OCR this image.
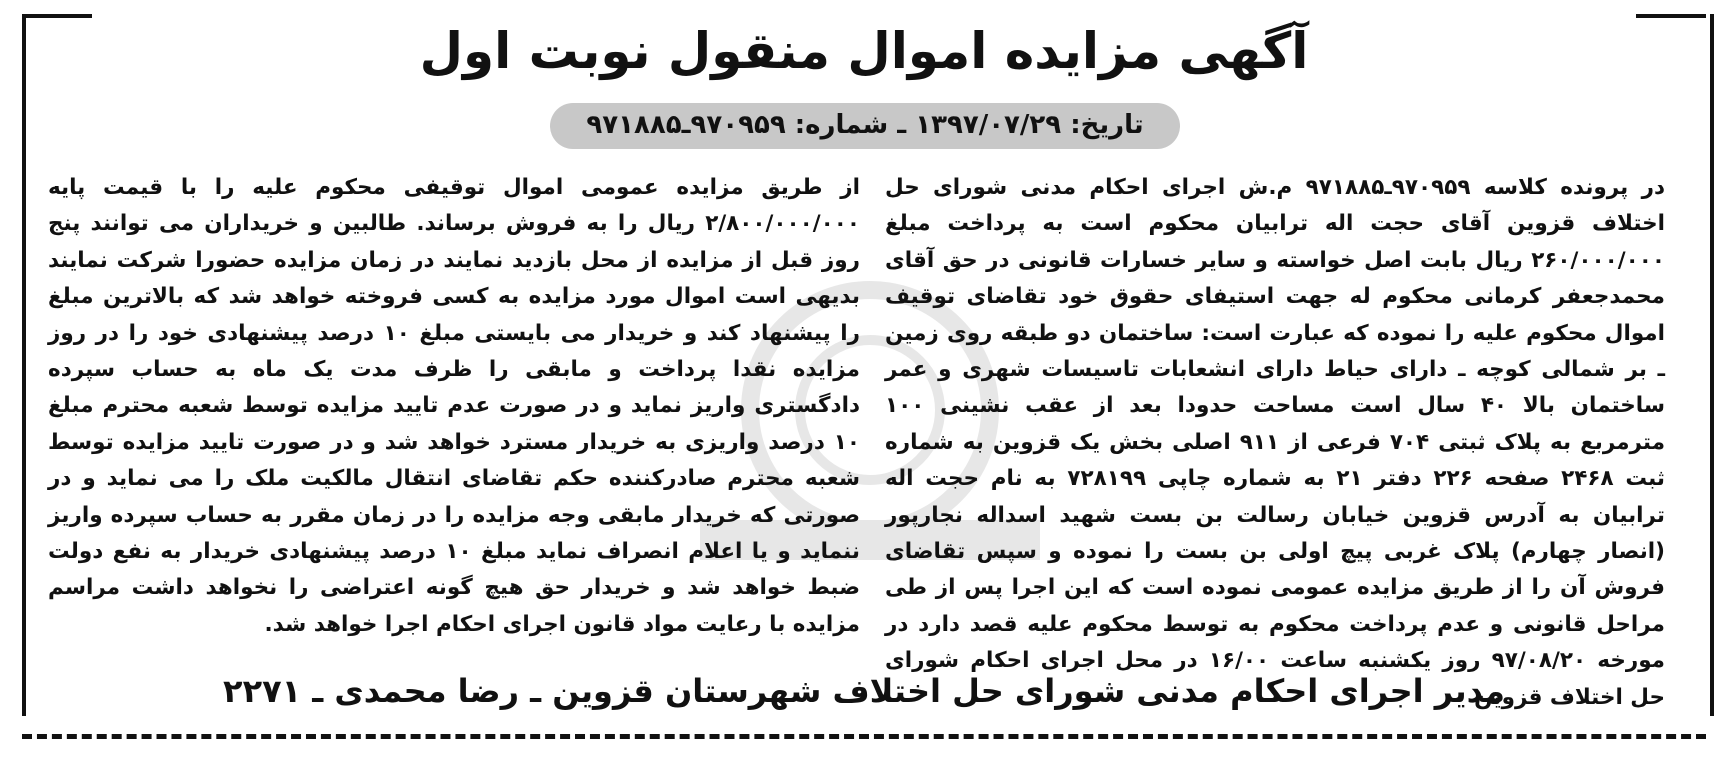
آگهی مزایده اموال منقول نوبت اول
تاریخ: ۱۳۹۷/۰۷/۲۹ ـ شماره: ۹۷۰۹۵۹ـ۹۷۱۸۸۵

در پرونده کلاسه ۹۷۰۹۵۹ـ۹۷۱۸۸۵ م.ش اجرای احکام مدنی شورای حل اختلاف قزوین آقای حجت اله ترابیان محکوم است به پرداخت مبلغ ۲۶۰/۰۰۰/۰۰۰ ریال بابت اصل خواسته و سایر خسارات قانونی در حق آقای محمدجعفر کرمانی محکوم له جهت استیفای حقوق خود تقاضای توقیف اموال محکوم علیه را نموده که عبارت است: ساختمان دو طبقه روی زمین ـ بر شمالی کوچه ـ دارای حیاط دارای انشعابات تاسیسات شهری و عمر ساختمان بالا ۴۰ سال است مساحت حدودا بعد از عقب نشینی ۱۰۰ مترمربع به پلاک ثبتی ۷۰۴ فرعی از ۹۱۱ اصلی بخش یک قزوین به شماره ثبت ۲۴۶۸ صفحه ۲۲۶ دفتر ۲۱ به شماره چاپی ۷۲۸۱۹۹ به نام حجت اله ترابیان به آدرس قزوین خیابان رسالت بن بست شهید اسداله نجارپور (انصار چهارم) پلاک غربی پیچ اولی بن بست را نموده و سپس تقاضای فروش آن را از طریق مزایده عمومی نموده است که این اجرا پس از طی مراحل قانونی و عدم پرداخت محکوم به توسط محکوم علیه قصد دارد در مورخه ۹۷/۰۸/۲۰ روز یکشنبه ساعت ۱۶/۰۰ در محل اجرای احکام شورای حل اختلاف قزوین

از طریق مزایده عمومی اموال توقیفی محکوم علیه را با قیمت پایه ۲/۸۰۰/۰۰۰/۰۰۰ ریال را به فروش برساند. طالبین و خریداران می توانند پنج روز قبل از مزایده از محل بازدید نمایند در زمان مزایده حضورا شرکت نمایند بدیهی است اموال مورد مزایده به کسی فروخته خواهد شد که بالاترین مبلغ را پیشنهاد کند و خریدار می بایستی مبلغ ۱۰ درصد پیشنهادی خود را در روز مزایده نقدا پرداخت و مابقی را ظرف مدت یک ماه به حساب سپرده دادگستری واریز نماید و در صورت عدم تایید مزایده توسط شعبه محترم مبلغ ۱۰ درصد واریزی به خریدار مسترد خواهد شد و در صورت تایید مزایده توسط شعبه محترم صادرکننده حکم تقاضای انتقال مالکیت ملک را می نماید و در صورتی که خریدار مابقی وجه مزایده را در زمان مقرر به حساب سپرده واریز ننماید و یا اعلام انصراف نماید مبلغ ۱۰ درصد پیشنهادی خریدار به نفع دولت ضبط خواهد شد و خریدار حق هیچ گونه اعتراضی را نخواهد داشت مراسم مزایده با رعایت مواد قانون اجرای احکام اجرا خواهد شد.

مدیر اجرای احکام مدنی شورای حل اختلاف شهرستان قزوین ـ رضا محمدی ـ ۲۲۷۱
